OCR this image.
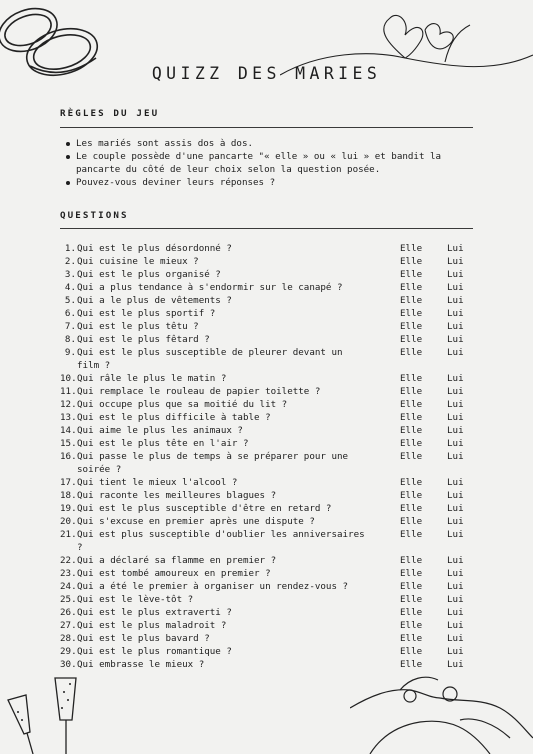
QUIZZ DES MARIES
RÈGLES DU JEU
Les mariés sont assis dos à dos.
Le couple possède d'une pancarte "« elle » ou « lui » et bandit la pancarte du côté de leur choix selon la question posée.
Pouvez-vous deviner leurs réponses ?
QUESTIONS
1. Qui est le plus désordonné ?	Elle	Lui
2. Qui cuisine le mieux ?	Elle	Lui
3. Qui est le plus organisé ?	Elle	Lui
4. Qui a plus tendance à s'endormir sur le canapé ?	Elle	Lui
5. Qui a le plus de vêtements ?	Elle	Lui
6. Qui est le plus sportif ?	Elle	Lui
7. Qui est le plus têtu ?	Elle	Lui
8. Qui est le plus fêtard ?	Elle	Lui
9. Qui est le plus susceptible de pleurer devant un film ?
Elle	Lui
10. Qui râle le plus le matin ?	Elle	Lui
11. Qui remplace le rouleau de papier toilette ?	Elle	Lui
12. Qui occupe plus que sa moitié du lit ?	Elle	Lui
13. Qui est le plus difficile à table ?	Elle	Lui
14. Qui aime le plus les animaux ?	Elle	Lui
15. Qui est le plus tête en l'air ?	Elle	Lui
16. Qui passe le plus de temps à se préparer pour une soirée ?
Elle	Lui
17. Qui tient le mieux l'alcool ?	Elle	Lui
18. Qui raconte les meilleures blagues ?	Elle	Lui
19. Qui est le plus susceptible d'être en retard ?	Elle	Lui
20. Qui s'excuse en premier après une dispute ?	Elle	Lui
21. Qui est plus susceptible d'oublier les anniversaires ?
Elle	Lui
22. Qui a déclaré sa flamme en premier ?	Elle	Lui
23. Qui est tombé amoureux en premier ?	Elle	Lui
24. Qui a été le premier à organiser un rendez-vous ?	Elle	Lui
25. Qui est le lève-tôt ?	Elle	Lui
26. Qui est le plus extraverti ?	Elle	Lui
27. Qui est le plus maladroit ?	Elle	Lui
28. Qui est le plus bavard ?	Elle	Lui
29. Qui est le plus romantique ?	Elle	Lui
30. Qui embrasse le mieux ?	Elle	Lui
